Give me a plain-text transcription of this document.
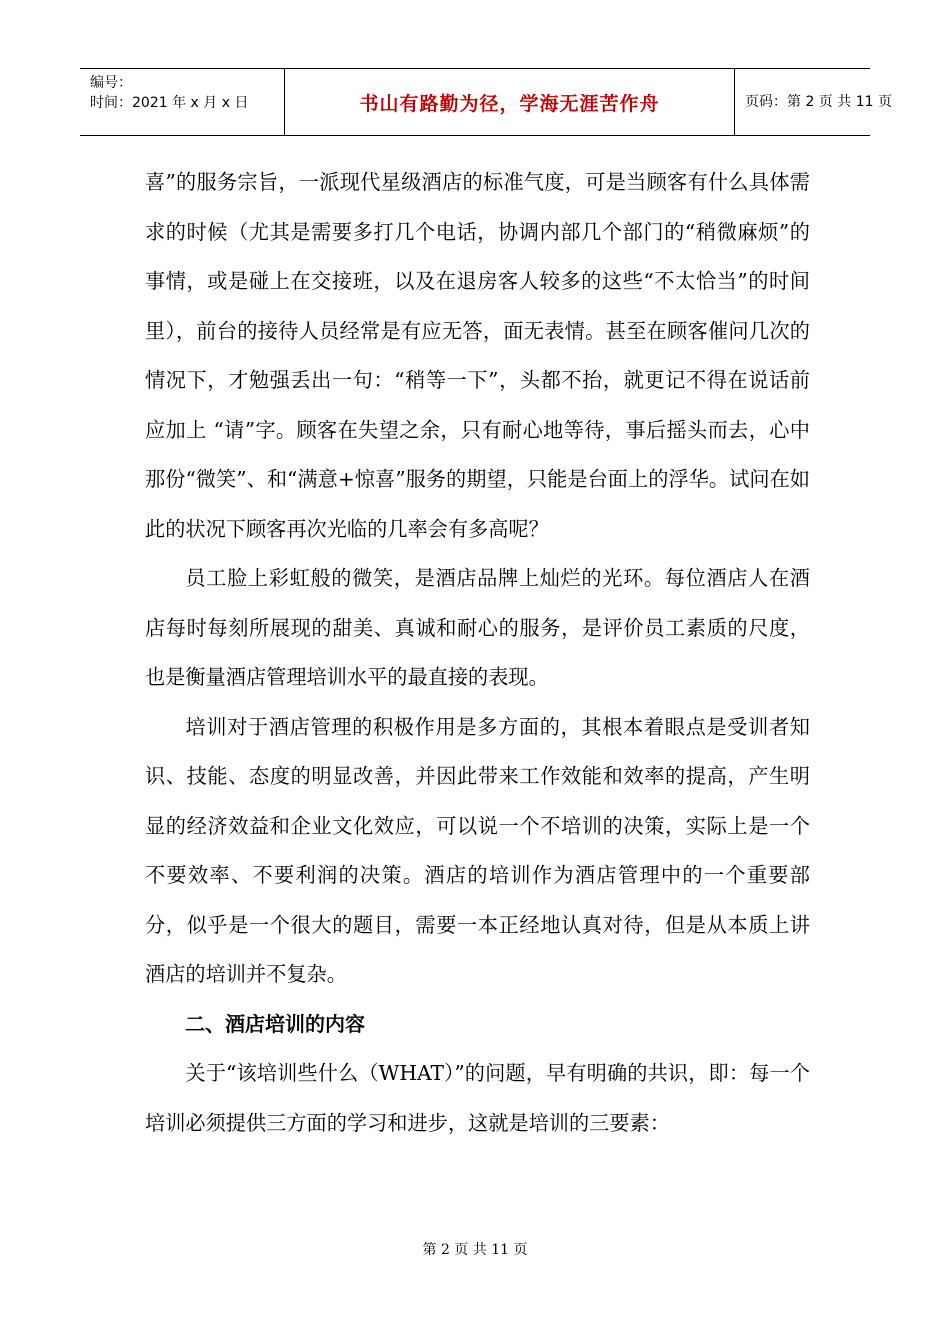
编号：
时间：2021 年 x 月 x 日	书山有路勤为径，学海无涯苦作舟	页码：第 2 页 共 11 页

喜”的服务宗旨，一派现代星级酒店的标准气度，可是当顾客有什么具体需求的时候（尤其是需要多打几个电话，协调内部几个部门的“稍微麻烦”的事情，或是碰上在交接班，以及在退房客人较多的这些“不太恰当”的时间里），前台的接待人员经常是有应无答，面无表情。甚至在顾客催问几次的情况下，才勉强丢出一句：“稍等一下”，头都不抬，就更记不得在说话前应加上 “请”字。顾客在失望之余，只有耐心地等待，事后摇头而去，心中那份“微笑”、和“满意+惊喜”服务的期望，只能是台面上的浮华。试问在如此的状况下顾客再次光临的几率会有多高呢？

员工脸上彩虹般的微笑，是酒店品牌上灿烂的光环。每位酒店人在酒店每时每刻所展现的甜美、真诚和耐心的服务，是评价员工素质的尺度，也是衡量酒店管理培训水平的最直接的表现。

培训对于酒店管理的积极作用是多方面的，其根本着眼点是受训者知识、技能、态度的明显改善，并因此带来工作效能和效率的提高，产生明显的经济效益和企业文化效应，可以说一个不培训的决策，实际上是一个不要效率、不要利润的决策。酒店的培训作为酒店管理中的一个重要部分，似乎是一个很大的题目，需要一本正经地认真对待，但是从本质上讲酒店的培训并不复杂。

二、酒店培训的内容

关于“该培训些什么（WHAT）”的问题，早有明确的共识，即：每一个培训必须提供三方面的学习和进步，这就是培训的三要素：

第 2 页 共 11 页
